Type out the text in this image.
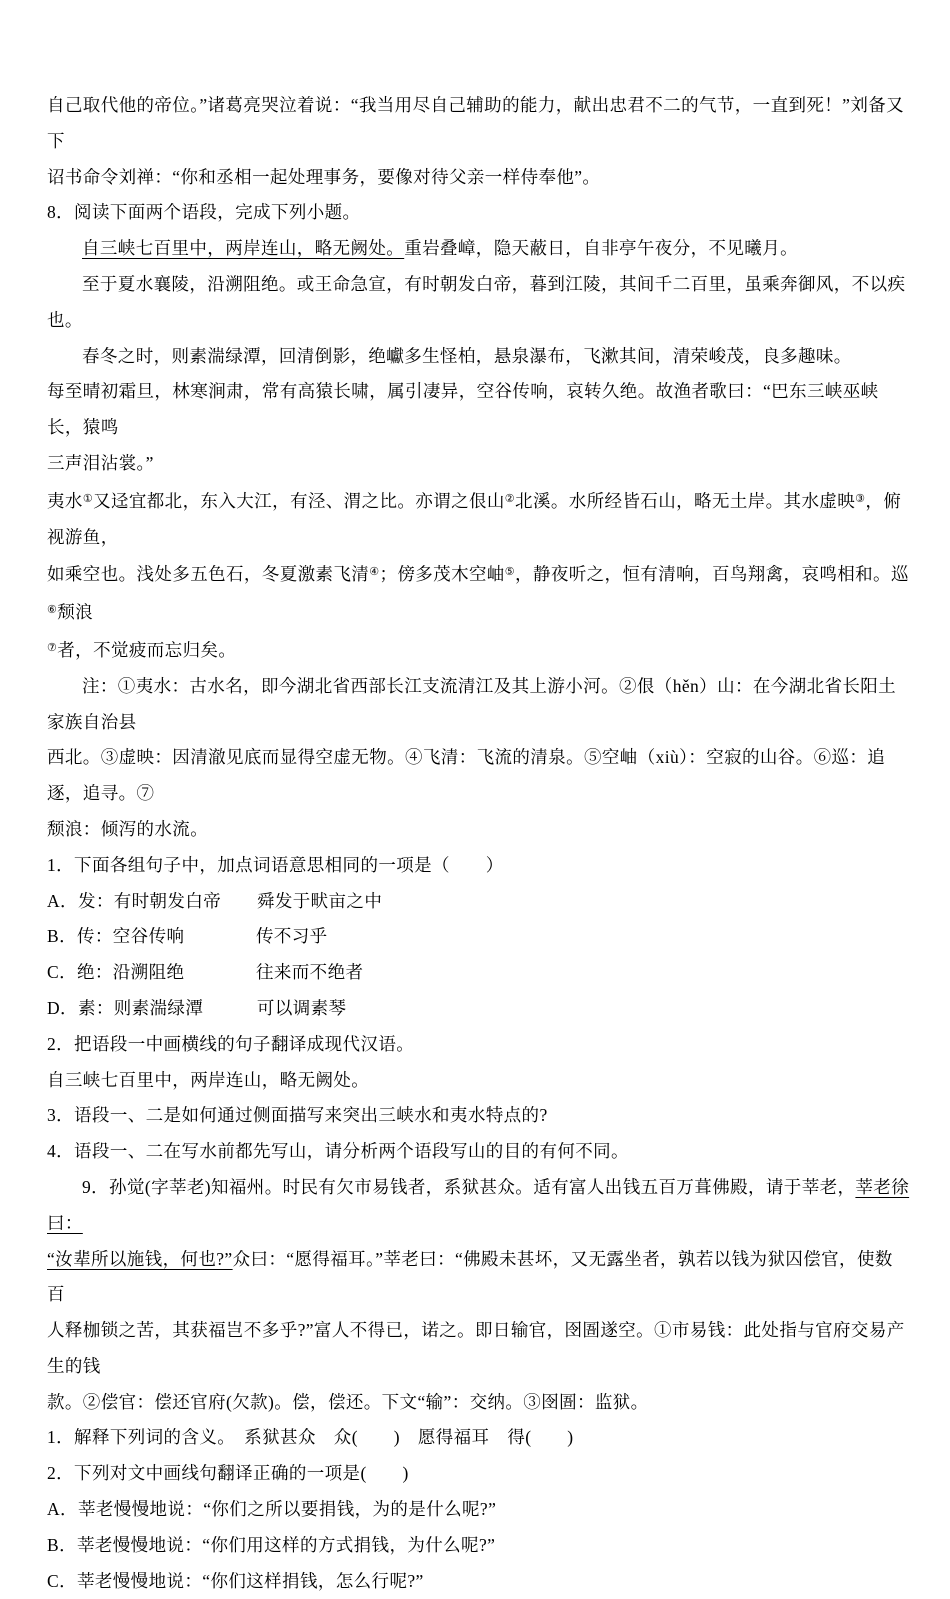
自己取代他的帝位。”诸葛亮哭泣着说：“我当用尽自己辅助的能力，献出忠君不二的气节，一直到死！”刘备又下
诏书命令刘禅：“你和丞相一起处理事务，要像对待父亲一样侍奉他”。
8．阅读下面两个语段，完成下列小题。
自三峡七百里中，两岸连山，略无阙处。重岩叠嶂，隐天蔽日，自非亭午夜分，不见曦月。
至于夏水襄陵，沿溯阻绝。或王命急宣，有时朝发白帝，暮到江陵，其间千二百里，虽乘奔御风，不以疾也。
春冬之时，则素湍绿潭，回清倒影，绝巘多生怪柏，悬泉瀑布，飞漱其间，清荣峻茂，良多趣味。
每至晴初霜旦，林寒涧肃，常有高猿长啸，属引凄异，空谷传响，哀转久绝。故渔者歌曰：“巴东三峡巫峡长，猿鸣
三声泪沾裳。”
夷水①又迳宜都北，东入大江，有泾、渭之比。亦谓之佷山②北溪。水所经皆石山，略无土岸。其水虚映③，俯视游鱼，
如乘空也。浅处多五色石，冬夏激素飞清④；傍多茂木空岫⑤，静夜听之，恒有清响，百鸟翔禽，哀鸣相和。巡⑥颓浪
⑦者，不觉疲而忘归矣。
注：①夷水：古水名，即今湖北省西部长江支流清江及其上游小河。②佷（hěn）山：在今湖北省长阳土家族自治县
西北。③虚映：因清澈见底而显得空虚无物。④飞清：飞流的清泉。⑤空岫（xiù）：空寂的山谷。⑥巡：追逐，追寻。⑦
颓浪：倾泻的水流。
1．下面各组句子中，加点词语意思相同的一项是（　　）
A．发：有时朝发白帝　　舜发于畎亩之中
B．传：空谷传响　　　　传不习乎
C．绝：沿溯阻绝　　　　往来而不绝者
D．素：则素湍绿潭　　　可以调素琴
2．把语段一中画横线的句子翻译成现代汉语。
自三峡七百里中，两岸连山，略无阙处。
3．语段一、二是如何通过侧面描写来突出三峡水和夷水特点的?
4．语段一、二在写水前都先写山，请分析两个语段写山的目的有何不同。
9．孙觉(字莘老)知福州。时民有欠市易钱者，系狱甚众。适有富人出钱五百万葺佛殿，请于莘老，莘老徐曰：
“汝辈所以施钱，何也?”众曰：“愿得福耳。”莘老曰：“佛殿未甚坏，又无露坐者，孰若以钱为狱囚偿官，使数百
人释枷锁之苦，其获福岂不多乎?”富人不得已，诺之。即日输官，囹圄遂空。①市易钱：此处指与官府交易产生的钱
款。②偿官：偿还官府(欠款)。偿，偿还。下文“输”：交纳。③囹圄：监狱。
1．解释下列词的含义。　系狱甚众　众(　　)　愿得福耳　得(　　)
2．下列对文中画线句翻译正确的一项是(　　)
A．莘老慢慢地说：“你们之所以要捐钱，为的是什么呢?”
B．莘老慢慢地说：“你们用这样的方式捐钱，为什么呢?”
C．莘老慢慢地说：“你们这样捐钱，怎么行呢?”
